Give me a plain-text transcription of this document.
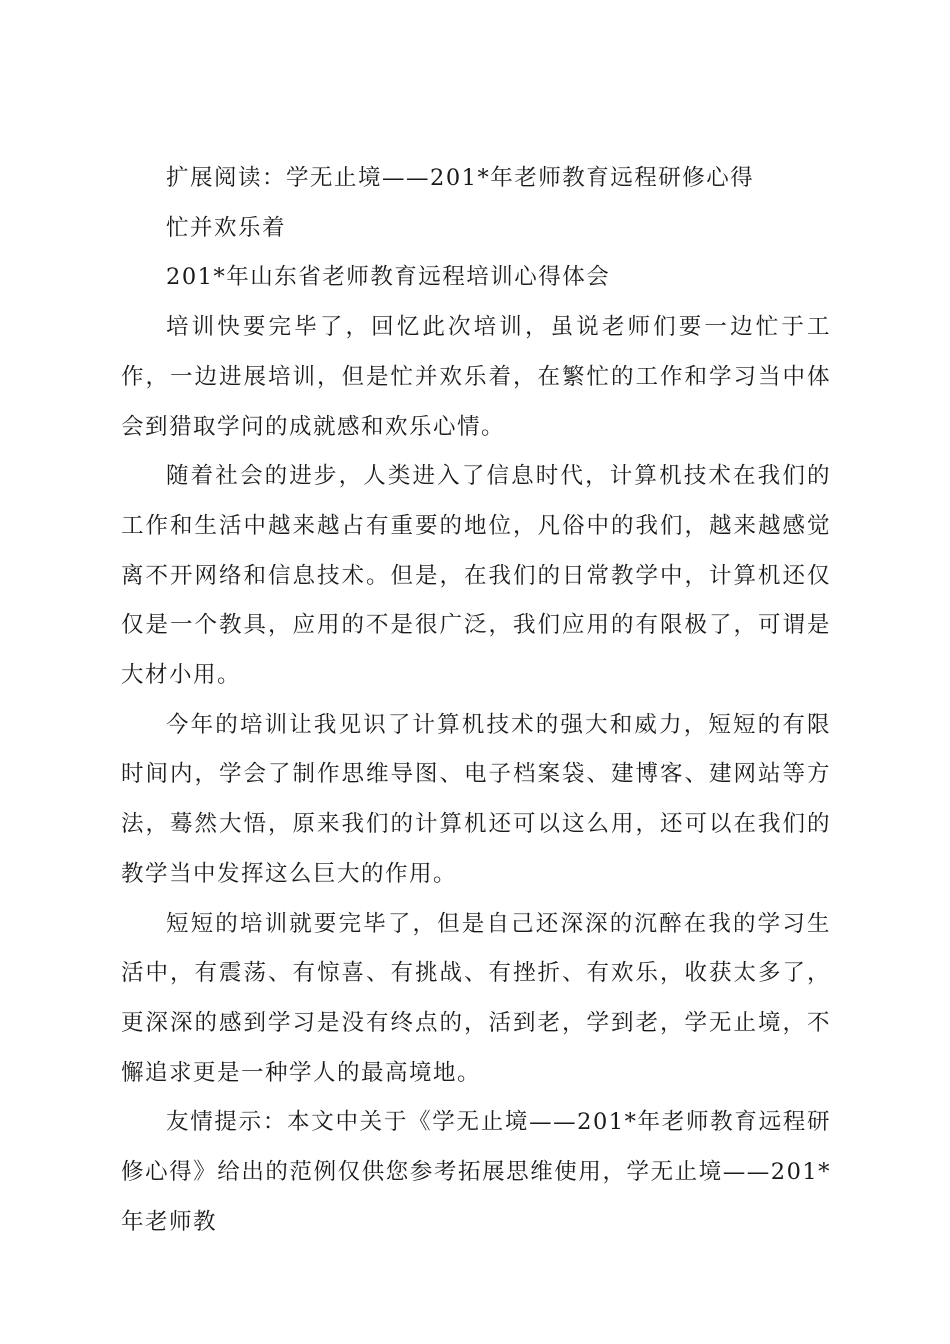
扩展阅读：学无止境——201*年老师教育远程研修心得

忙并欢乐着

201*年山东省老师教育远程培训心得体会

培训快要完毕了，回忆此次培训，虽说老师们要一边忙于工作，一边进展培训，但是忙并欢乐着，在繁忙的工作和学习当中体会到猎取学问的成就感和欢乐心情。

随着社会的进步，人类进入了信息时代，计算机技术在我们的工作和生活中越来越占有重要的地位，凡俗中的我们，越来越感觉离不开网络和信息技术。但是，在我们的日常教学中，计算机还仅仅是一个教具，应用的不是很广泛，我们应用的有限极了，可谓是大材小用。

今年的培训让我见识了计算机技术的强大和威力，短短的有限时间内，学会了制作思维导图、电子档案袋、建博客、建网站等方法，蓦然大悟，原来我们的计算机还可以这么用，还可以在我们的教学当中发挥这么巨大的作用。

短短的培训就要完毕了，但是自己还深深的沉醉在我的学习生活中，有震荡、有惊喜、有挑战、有挫折、有欢乐，收获太多了，更深深的感到学习是没有终点的，活到老，学到老，学无止境，不懈追求更是一种学人的最高境地。

友情提示：本文中关于《学无止境——201*年老师教育远程研修心得》给出的范例仅供您参考拓展思维使用，学无止境——201*年老师教
